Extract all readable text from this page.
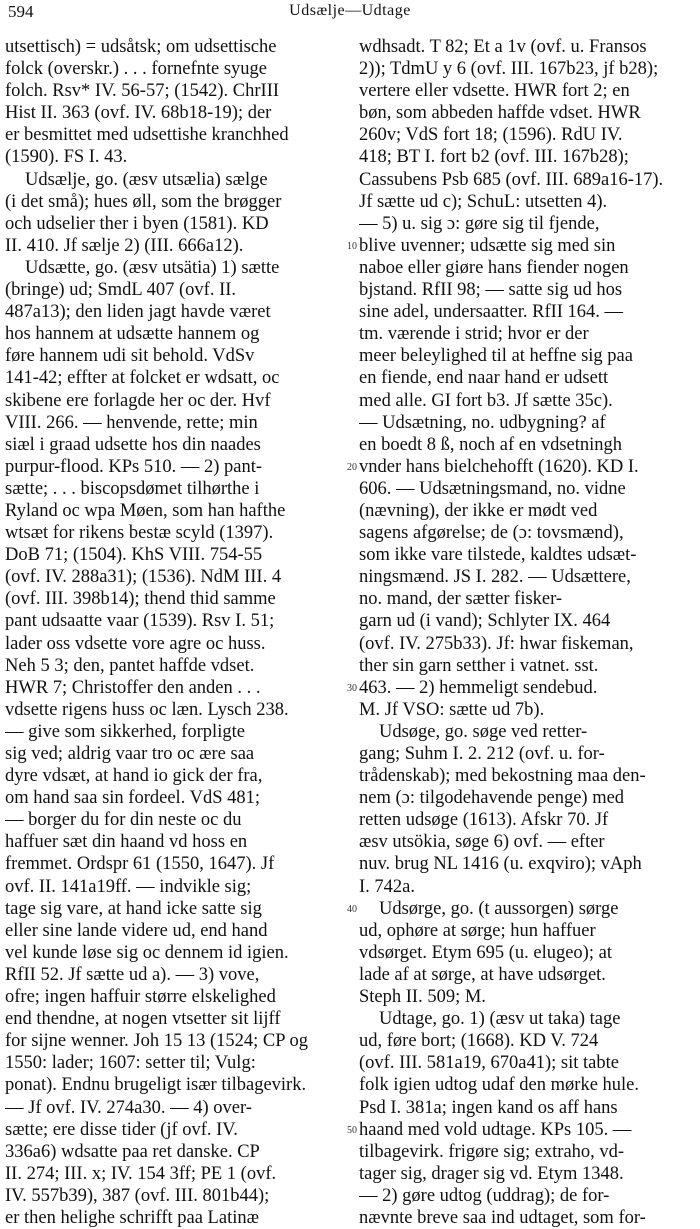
594	Udsælje—Udtage
utsettisch) = udsåtsk; om udsettische
folck (overskr.) . . . fornefnte syuge
folch. Rsv* IV. 56-57; (1542). ChrIII
Hist II. 363 (ovf. IV. 68b18-19); der
er besmittet med udsettishe kranchhed
(1590). FS I. 43.
Udsælje, go. (æsv utsælia) sælge
(i det små); hues øll, som the brøgger
och udselier ther i byen (1581). KD
II. 410. Jf sælje 2) (III. 666a12).
Udsætte, go. (æsv utsätia) 1) sætte
(bringe) ud; SmdL 407 (ovf. II.
487a13); den liden jagt havde været
hos hannem at udsætte hannem og
føre hannem udi sit behold. VdSv
141-42; effter at folcket er wdsatt, oc
skibene ere forlagde her oc der. Hvf
VIII. 266. — henvende, rette; min
siæl i graad udsette hos din naades
purpur-flood. KPs 510. — 2) pant-
sætte; . . . biscopsdømet tilhørthe i
Ryland oc wpa Møen, som han hafthe
wtsæt for rikens bestæ scyld (1397).
DoB 71; (1504). KhS VIII. 754-55
(ovf. IV. 288a31); (1536). NdM III. 4
(ovf. III. 398b14); thend thid samme
pant udsaatte vaar (1539). Rsv I. 51;
lader oss vdsette vore agre oc huss.
Neh 5 3; den, pantet haffde vdset.
HWR 7; Christoffer den anden . . .
vdsette rigens huss oc læn. Lysch 238.
— give som sikkerhed, forpligte
sig ved; aldrig vaar tro oc ære saa
dyre vdsæt, at hand io gick der fra,
om hand saa sin fordeel. VdS 481;
— borger du for din neste oc du
haffuer sæt din haand vd hoss en
fremmet. Ordspr 61 (1550, 1647). Jf
ovf. II. 141a19ff. — indvikle sig;
tage sig vare, at hand icke satte sig
eller sine lande videre ud, end hand
vel kunde løse sig oc dennem id igien.
RfII 52. Jf sætte ud a). — 3) vove,
ofre; ingen haffuir større elskelighed
end thendne, at nogen vtsetter sit lijff
for sijne wenner. Joh 15 13 (1524; CP og
1550: lader; 1607: setter til; Vulg:
ponat). Endnu brugeligt især tilbagevirk.
— Jf ovf. IV. 274a30. — 4) over-
sætte; ere disse tider (jf ovf. IV.
336a6) wdsatte paa ret danske. CP
II. 274; III. x; IV. 154 3ff; PE 1 (ovf.
IV. 557b39), 387 (ovf. III. 801b44);
er then helighe schrifft paa Latinæ
wdhsadt. T 82; Et a 1v (ovf. u. Fransos
2)); TdmU y 6 (ovf. III. 167b23, jf b28);
vertere eller vdsette. HWR fort 2; en
bøn, som abbeden haffde vdset. HWR
260v; VdS fort 18; (1596). RdU IV.
418; BT I. fort b2 (ovf. III. 167b28);
Cassubens Psb 685 (ovf. III. 689a16-17).
Jf sætte ud c); SchuL: utsetten 4).
— 5) u. sig ɔ: gøre sig til fjende,
blive uvenner; udsætte sig med sin
naboe eller giøre hans fiender nogen
bjstand. RfII 98; — satte sig ud hos
sine adel, undersaatter. RfII 164. —
tm. værende i strid; hvor er der
meer beleylighed til at heffne sig paa
en fiende, end naar hand er udsett
med alle. GI fort b3. Jf sætte 35c).
— Udsætning, no. udbygning? af
en boedt 8 ß, noch af en vdsetningh
vnder hans bielchehofft (1620). KD I.
606. — Udsætningsmand, no. vidne
(nævning), der ikke er mødt ved
sagens afgørelse; de (ɔ: tovsmænd),
som ikke vare tilstede, kaldtes udsæt-
ningsmænd. JS I. 282. — Udsættere,
no. mand, der sætter fisker-
garn ud (i vand); Schlyter IX. 464
(ovf. IV. 275b33). Jf: hwar fiskeman,
ther sin garn setther i vatnet. sst.
463. — 2) hemmeligt sendebud.
M. Jf VSO: sætte ud 7b).
Udsøge, go. søge ved retter-
gang; Suhm I. 2. 212 (ovf. u. for-
trådenskab); med bekostning maa den-
nem (ɔ: tilgodehavende penge) med
retten udsøge (1613). Afskr 70. Jf
æsv utsökia, søge 6) ovf. — efter
nuv. brug NL 1416 (u. exqviro); vAph
I. 742a.
Udsørge, go. (t aussorgen) sørge
ud, ophøre at sørge; hun haffuer
vdsørget. Etym 695 (u. elugeo); at
lade af at sørge, at have udsørget.
Steph II. 509; M.
Udtage, go. 1) (æsv ut taka) tage
ud, føre bort; (1668). KD V. 724
(ovf. III. 581a19, 670a41); sit tabte
folk igien udtog udaf den mørke hule.
Psd I. 381a; ingen kand os aff hans
haand med vold udtage. KPs 105. —
tilbagevirk. frigøre sig; extraho, vd-
tager sig, drager sig vd. Etym 1348.
— 2) gøre udtog (uddrag); de for-
nævnte breve saa ind udtaget, som for-
10
20
30
40
50
